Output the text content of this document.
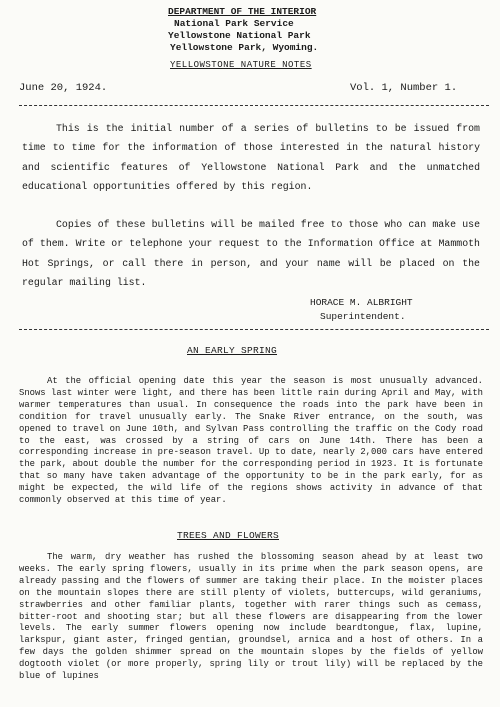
DEPARTMENT OF THE INTERIOR
National Park Service
Yellowstone National Park
Yellowstone Park, Wyoming.
YELLOWSTONE NATURE NOTES
June 20, 1924.	Vol. 1, Number 1.

This is the initial number of a series of bulletins to be issued from time to time for the information of those interested in the natural history and scientific features of Yellowstone National Park and the unmatched educational opportunities offered by this region.

Copies of these bulletins will be mailed free to those who can make use of them. Write or telephone your request to the Information Office at Mammoth Hot Springs, or call there in person, and your name will be placed on the regular mailing list.

HORACE M. ALBRIGHT
Superintendent.
AN EARLY SPRING

At the official opening date this year the season is most unusually advanced. Snows last winter were light, and there has been little rain during April and May, with warmer temperatures than usual. In consequence the roads into the park have been in condition for travel unusually early. The Snake River entrance, on the south, was opened to travel on June 10th, and Sylvan Pass controlling the traffic on the Cody road to the east, was crossed by a string of cars on June 14th. There has been a corresponding increase in pre-season travel. Up to date, nearly 2,000 cars have entered the park, about double the number for the corresponding period in 1923. It is fortunate that so many have taken advantage of the opportunity to be in the park early, for as might be expected, the wild life of the regions shows activity in advance of that commonly observed at this time of year.

TREES AND FLOWERS

The warm, dry weather has rushed the blossoming season ahead by at least two weeks. The early spring flowers, usually in its prime when the park season opens, are already passing and the flowers of summer are taking their place. In the moister places on the mountain slopes there are still plenty of violets, buttercups, wild geraniums, strawberries and other familiar plants, together with rarer things such as cemass, bitter-root and shooting star; but all these flowers are disappearing from the lower levels. The early summer flowers opening now include beardtongue, flax, lupine, larkspur, giant aster, fringed gentian, groundsel, arnica and a host of others. In a few days the golden shimmer spread on the mountain slopes by the fields of yellow dogtooth violet (or more properly, spring lily or trout lily) will be replaced by the blue of lupines
